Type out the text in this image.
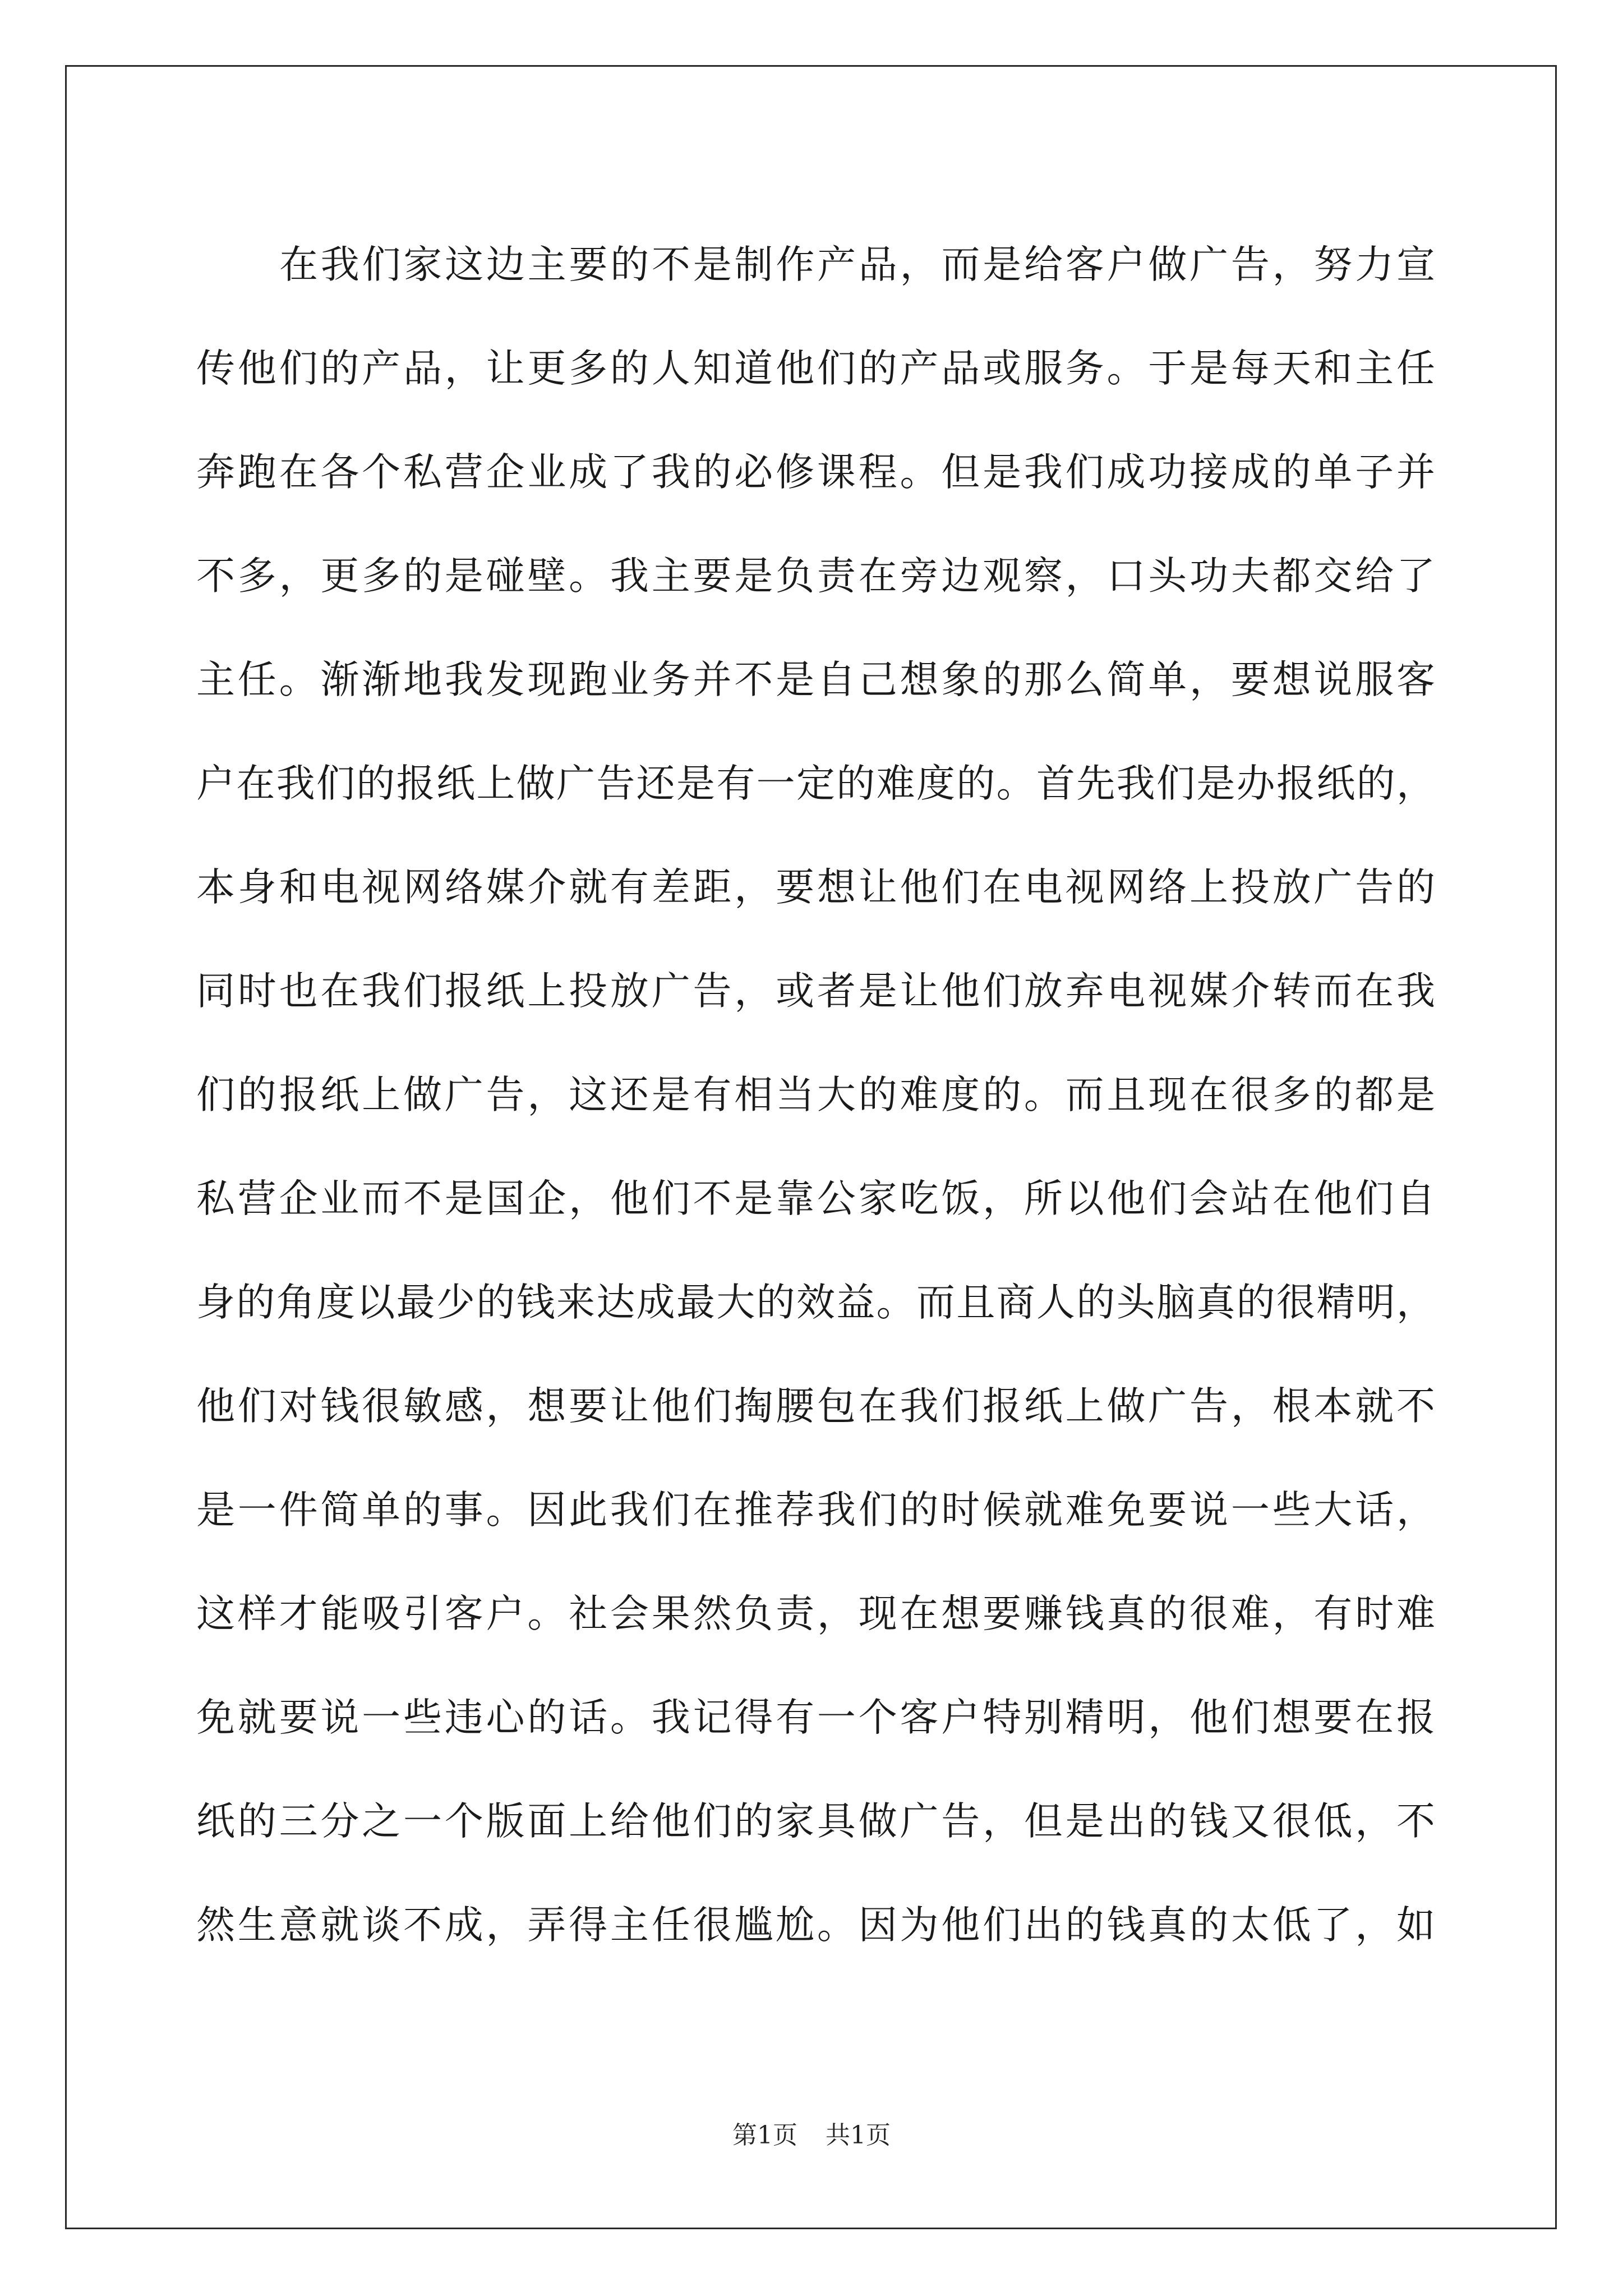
在我们家这边主要的不是制作产品，而是给客户做广告，努力宣
传他们的产品，让更多的人知道他们的产品或服务。于是每天和主任
奔跑在各个私营企业成了我的必修课程。但是我们成功接成的单子并
不多，更多的是碰壁。我主要是负责在旁边观察，口头功夫都交给了
主任。渐渐地我发现跑业务并不是自己想象的那么简单，要想说服客
户在我们的报纸上做广告还是有一定的难度的。首先我们是办报纸的，
本身和电视网络媒介就有差距，要想让他们在电视网络上投放广告的
同时也在我们报纸上投放广告，或者是让他们放弃电视媒介转而在我
们的报纸上做广告，这还是有相当大的难度的。而且现在很多的都是
私营企业而不是国企，他们不是靠公家吃饭，所以他们会站在他们自
身的角度以最少的钱来达成最大的效益。而且商人的头脑真的很精明，
他们对钱很敏感，想要让他们掏腰包在我们报纸上做广告，根本就不
是一件简单的事。因此我们在推荐我们的时候就难免要说一些大话，
这样才能吸引客户。社会果然负责，现在想要赚钱真的很难，有时难
免就要说一些违心的话。我记得有一个客户特别精明，他们想要在报
纸的三分之一个版面上给他们的家具做广告，但是出的钱又很低，不
然生意就谈不成，弄得主任很尴尬。因为他们出的钱真的太低了，如
第1页 共1页
